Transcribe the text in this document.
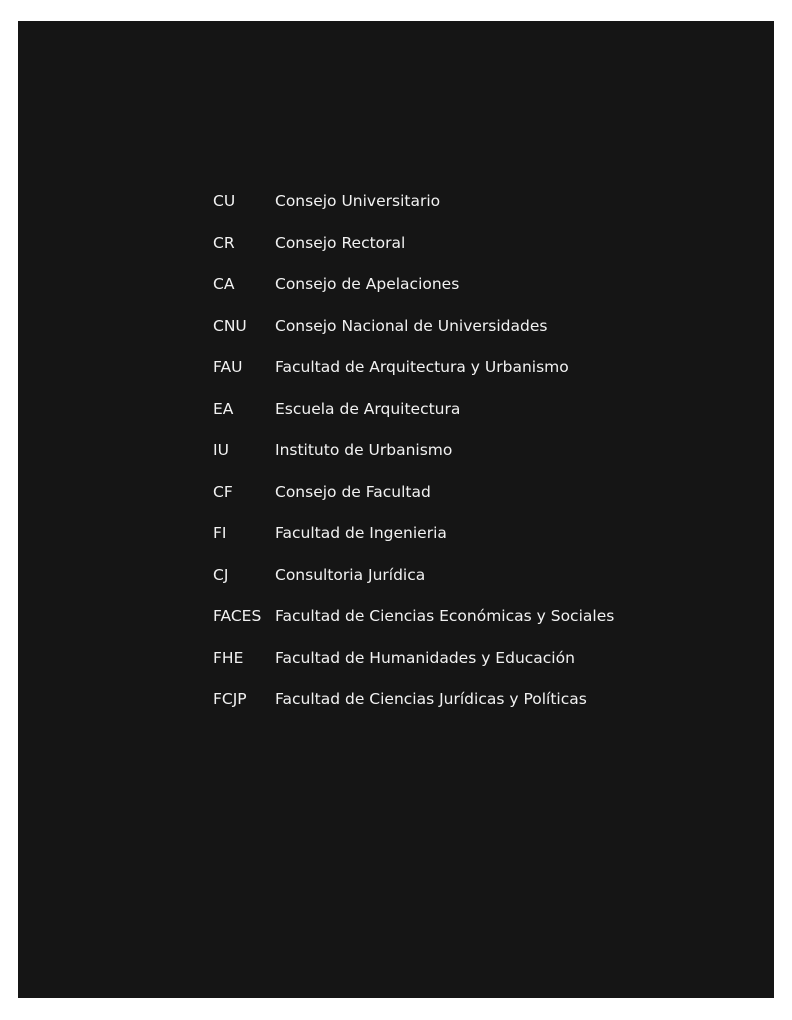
CU	Consejo Universitario
CR	Consejo Rectoral
CA	Consejo de Apelaciones
CNU	Consejo Nacional de Universidades
FAU	Facultad de Arquitectura y Urbanismo
EA	Escuela de Arquitectura
IU	Instituto de Urbanismo
CF	Consejo de Facultad
FI	Facultad de Ingenieria
CJ	Consultoria Jurídica
FACES Facultad de Ciencias Económicas y Sociales
FHE	Facultad de Humanidades y Educación
FCJP	Facultad de Ciencias Jurídicas y Políticas
